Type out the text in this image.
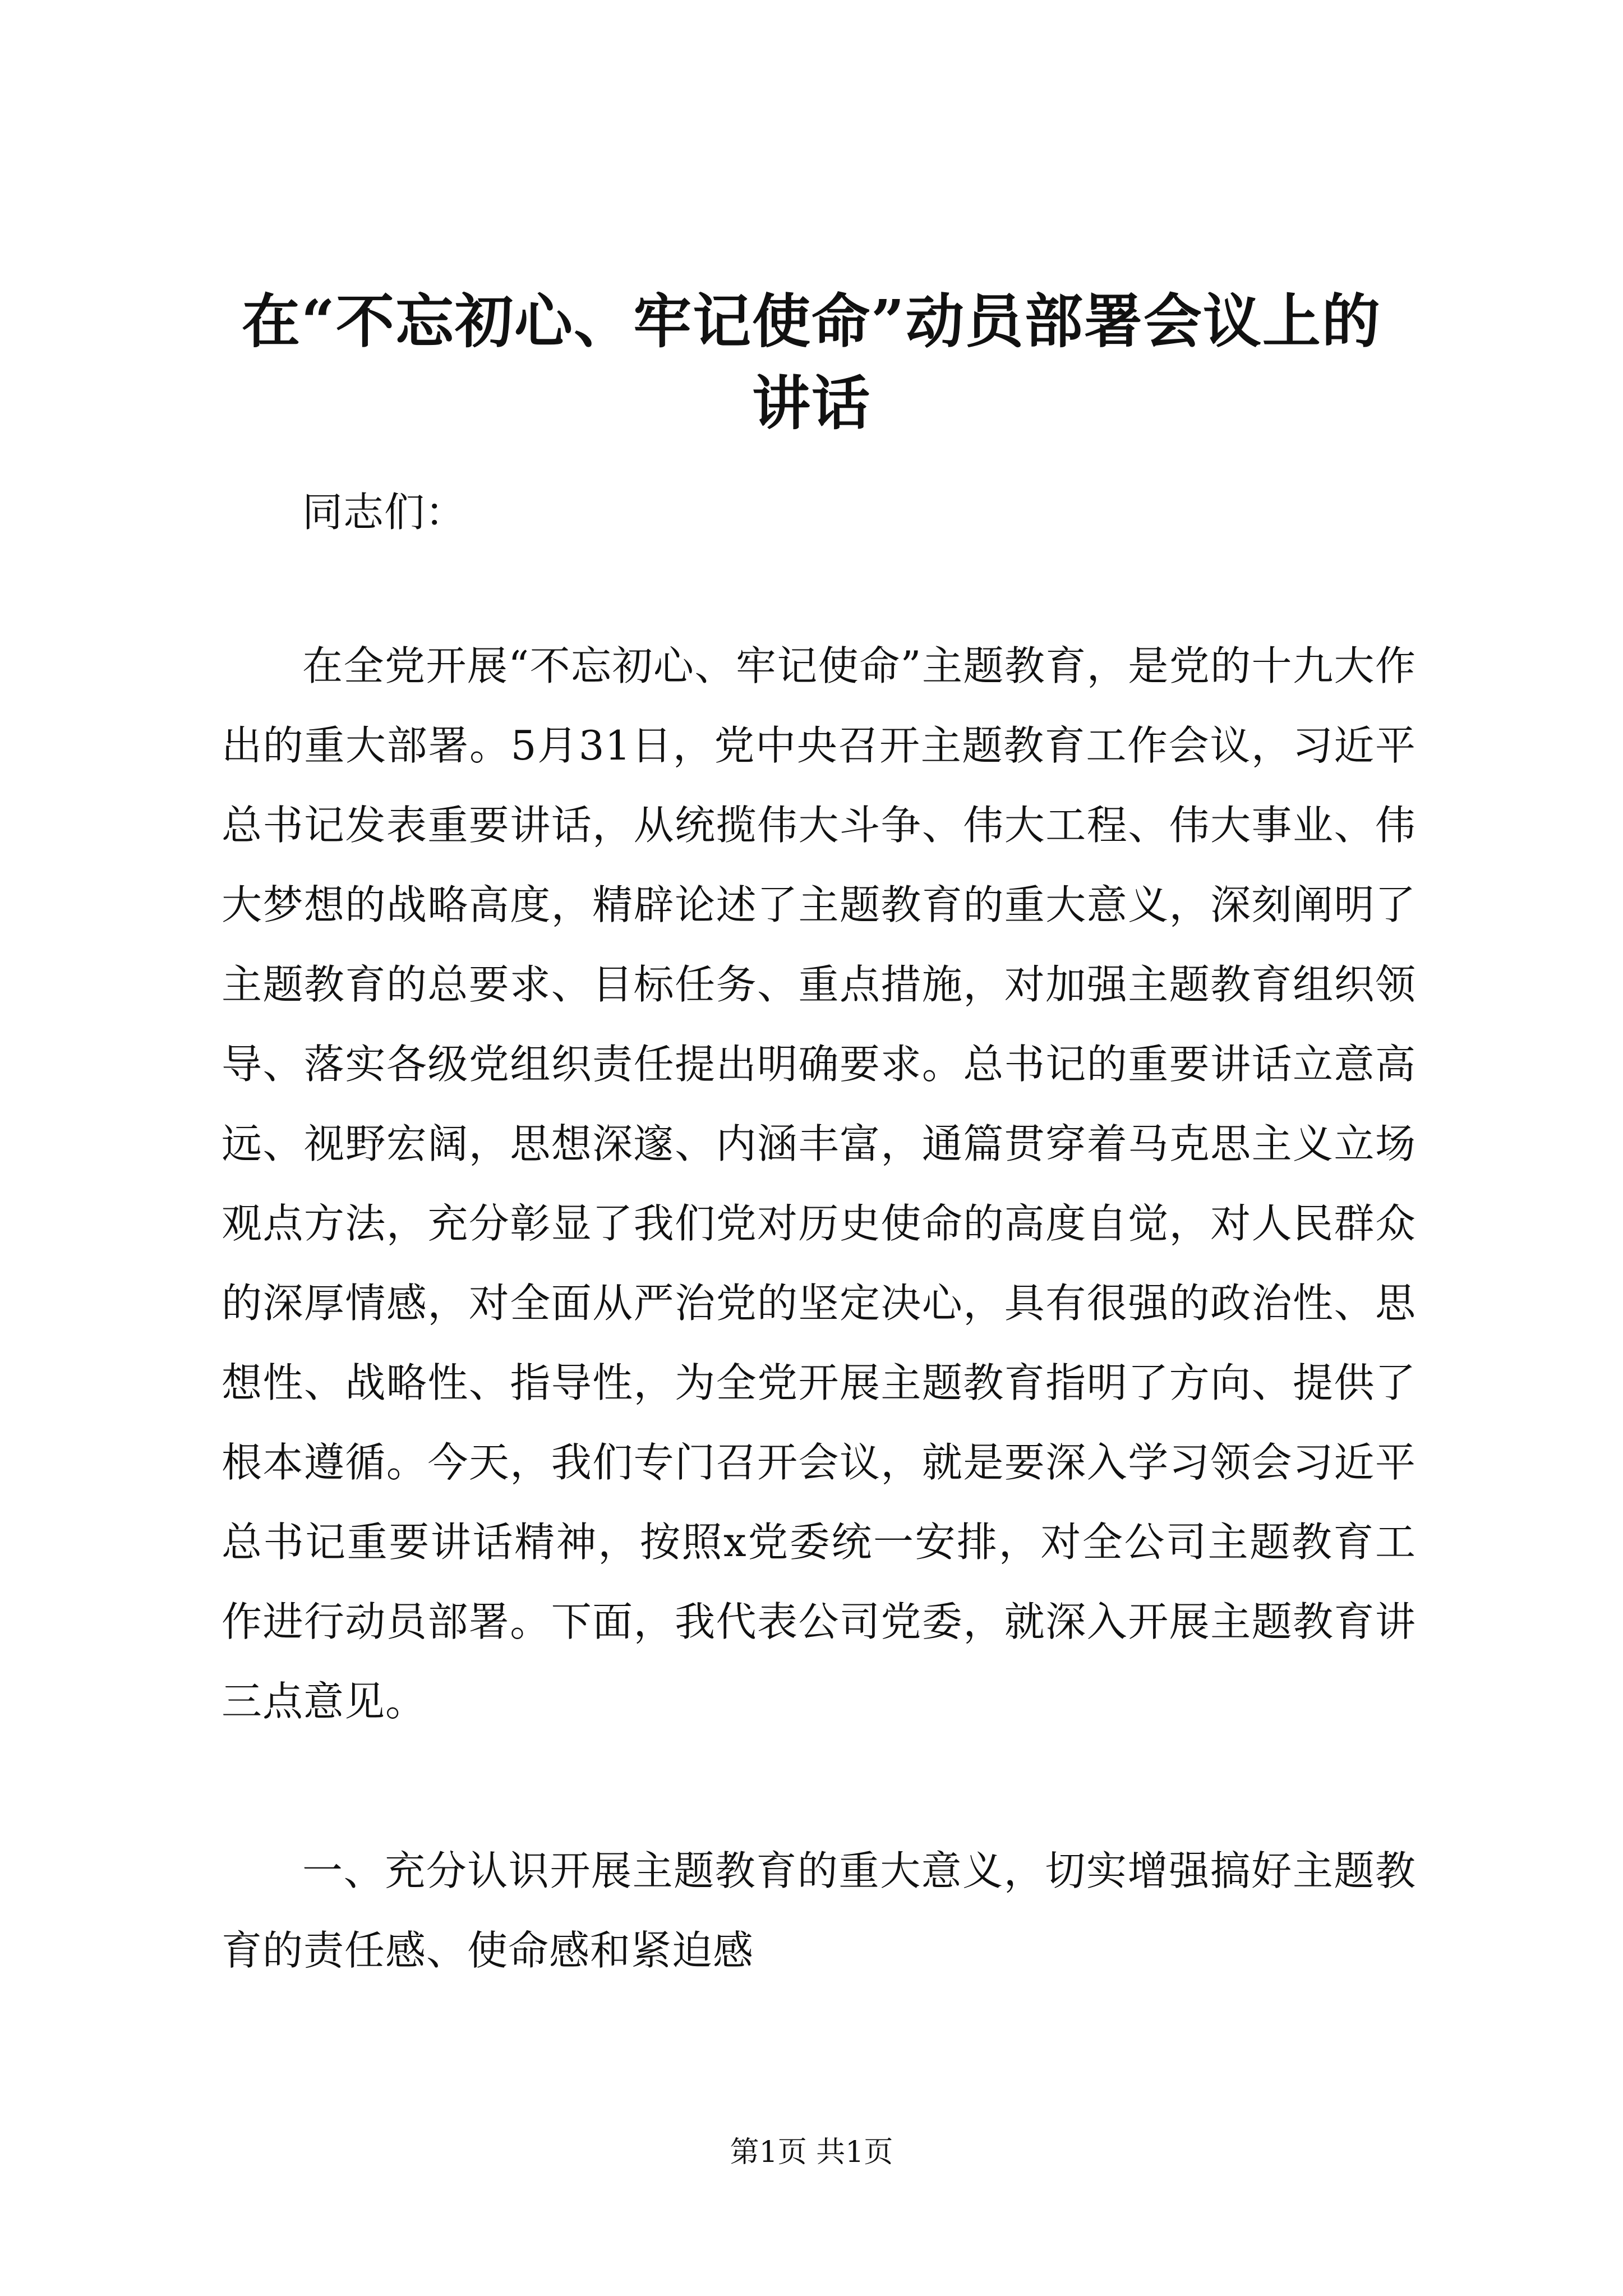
在“不忘初心、牢记使命”动员部署会议上的
讲话

同志们：

在全党开展“不忘初心、牢记使命”主题教育，是党的十九大作出的重大部署。5月31日，党中央召开主题教育工作会议，习近平总书记发表重要讲话，从统揽伟大斗争、伟大工程、伟大事业、伟大梦想的战略高度，精辟论述了主题教育的重大意义，深刻阐明了主题教育的总要求、目标任务、重点措施，对加强主题教育组织领导、落实各级党组织责任提出明确要求。总书记的重要讲话立意高远、视野宏阔，思想深邃、内涵丰富，通篇贯穿着马克思主义立场观点方法，充分彰显了我们党对历史使命的高度自觉，对人民群众的深厚情感，对全面从严治党的坚定决心，具有很强的政治性、思想性、战略性、指导性，为全党开展主题教育指明了方向、提供了根本遵循。今天，我们专门召开会议，就是要深入学习领会习近平总书记重要讲话精神，按照x党委统一安排，对全公司主题教育工作进行动员部署。下面，我代表公司党委，就深入开展主题教育讲三点意见。

一、充分认识开展主题教育的重大意义，切实增强搞好主题教育的责任感、使命感和紧迫感

第1页 共1页
